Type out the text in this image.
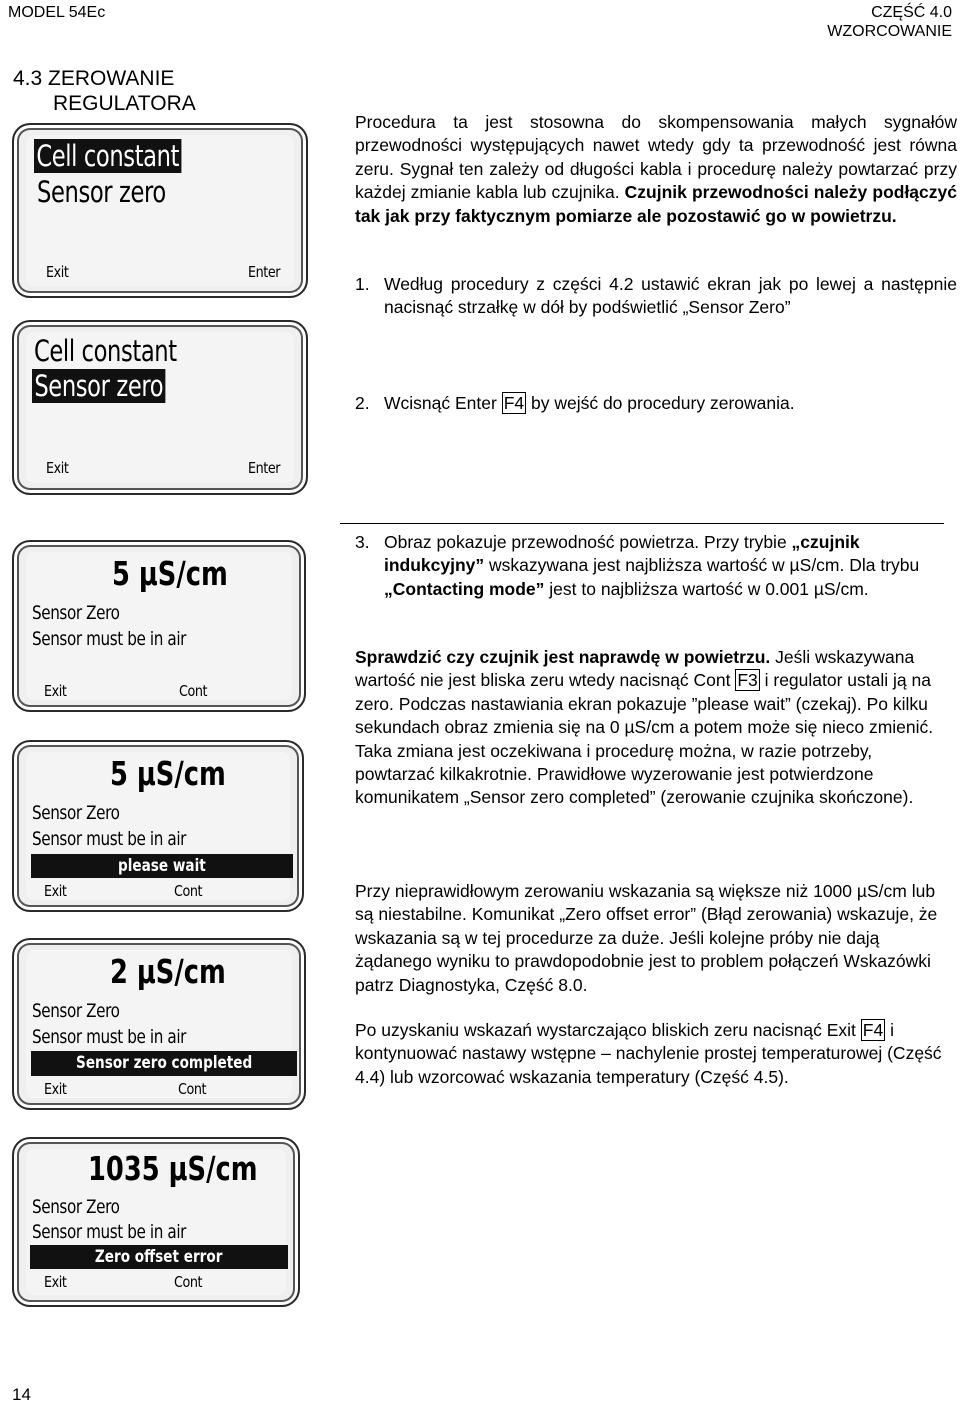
MODEL 54Ec	CZĘŚĆ 4.0
WZORCOWANIE
4.3 ZEROWANIE
REGULATORA
Cell constant
Sensor zero
Exit	Enter
Cell constant
Sensor zero
Exit	Enter
5 µS/cm
Sensor Zero
Sensor must be in air
Exit	Cont
5 µS/cm
Sensor Zero
Sensor must be in air
please wait
Exit	Cont
2 µS/cm
Sensor Zero
Sensor must be in air
Sensor zero completed
Exit	Cont
1035 µS/cm
Sensor Zero
Sensor must be in air
Zero offset error
Exit	Cont
Procedura ta jest stosowna do skompensowania małych sygnałów przewodności występujących nawet wtedy gdy ta przewodność jest równa zeru. Sygnał ten zależy od długości kabla i procedurę należy powtarzać przy każdej zmianie kabla lub czujnika. Czujnik przewodności należy podłączyć tak jak przy faktycznym pomiarze ale pozostawić go w powietrzu.
1. Według procedury z części 4.2 ustawić ekran jak po lewej a następnie nacisnąć strzałkę w dół by podświetlić „Sensor Zero”
2. Wcisnąć Enter F4 by wejść do procedury zerowania.
3. Obraz pokazuje przewodność powietrza. Przy trybie „czujnik indukcyjny” wskazywana jest najbliższa wartość w µS/cm. Dla trybu „Contacting mode” jest to najbliższa wartość w 0.001 µS/cm.
Sprawdzić czy czujnik jest naprawdę w powietrzu. Jeśli wskazywana wartość nie jest bliska zeru wtedy nacisnąć Cont F3 i regulator ustali ją na zero. Podczas nastawiania ekran pokazuje ”please wait” (czekaj). Po kilku sekundach obraz zmienia się na 0 µS/cm a potem może się nieco zmienić. Taka zmiana jest oczekiwana i procedurę można, w razie potrzeby, powtarzać kilkakrotnie. Prawidłowe wyzerowanie jest potwierdzone komunikatem „Sensor zero completed” (zerowanie czujnika skończone).
Przy nieprawidłowym zerowaniu wskazania są większe niż 1000 µS/cm lub są niestabilne. Komunikat „Zero offset error” (Błąd zerowania) wskazuje, że wskazania są w tej procedurze za duże. Jeśli kolejne próby nie dają żądanego wyniku to prawdopodobnie jest to problem połączeń Wskazówki patrz Diagnostyka, Część 8.0.
Po uzyskaniu wskazań wystarczająco bliskich zeru nacisnąć Exit F4 i kontynuować nastawy wstępne – nachylenie prostej temperaturowej (Część 4.4) lub wzorcować wskazania temperatury (Część 4.5).
14
